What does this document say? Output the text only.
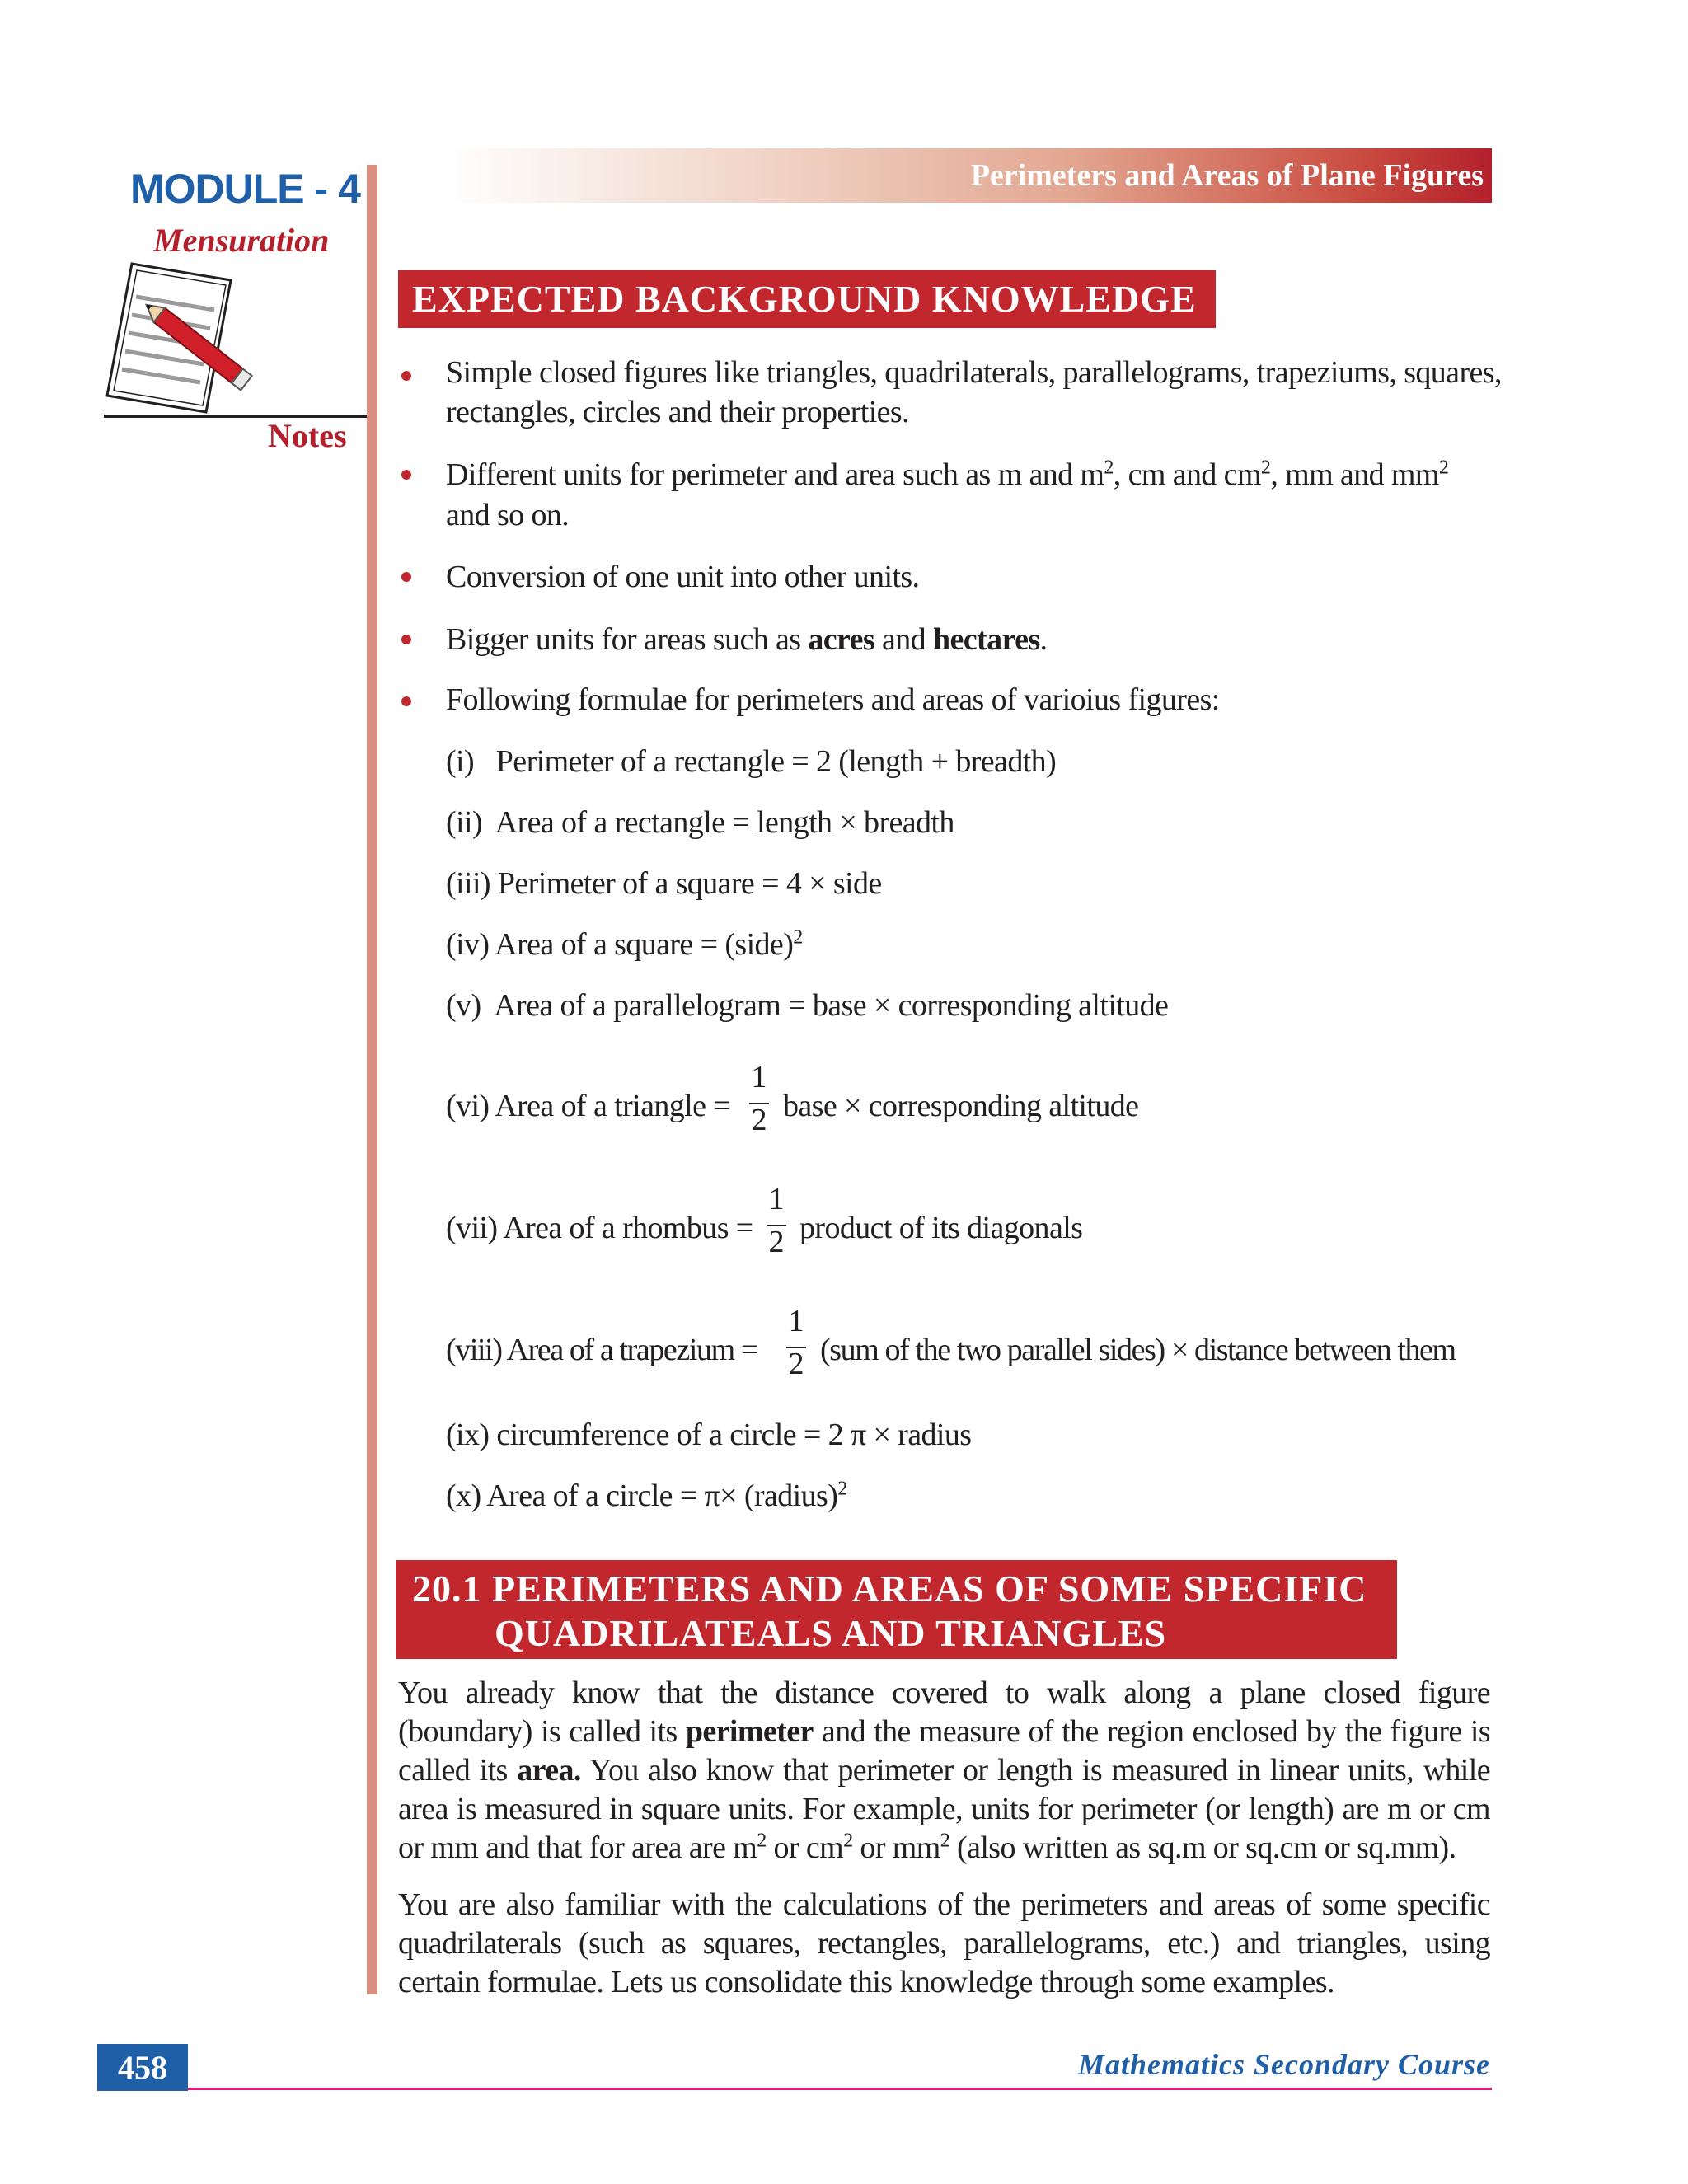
Perimeters and Areas of Plane Figures
MODULE - 4
Mensuration
Notes
EXPECTED BACKGROUND KNOWLEDGE
Simple closed figures like triangles, quadrilaterals, parallelograms, trapeziums, squares,
rectangles, circles and their properties.
Different units for perimeter and area such as m and $m^2$, cm and $cm^2$, mm and $mm^2$
and so on.
Conversion of one unit into other units.
Bigger units for areas such as acres and hectares.
Following formulae for perimeters and areas of varioius figures:
(i)   Perimeter of a rectangle = 2 (length + breadth)
(ii)  Area of a rectangle = length × breadth
(iii) Perimeter of a square = 4 × side
(iv) Area of a square = (side)$^2$
(v)  Area of a parallelogram = base × corresponding altitude
(vi) Area of a triangle =
1
2 base × corresponding altitude
(vii) Area of a rhombus =
1
2 product of its diagonals
(viii) Area of a trapezium =
1
2 (sum of the two parallel sides) × distance between them
(ix) circumference of a circle = 2 π × radius
(x) Area of a circle = π× (radius)$^2$
20.1 PERIMETERS AND AREAS OF SOME SPECIFIC
QUADRILATEALS AND TRIANGLES
You already know that the distance covered to walk along a plane closed figure (boundary) is called its perimeter and the measure of the region enclosed by the figure is called its area. You also know that perimeter or length is measured in linear units, while area is measured in square units. For example, units for perimeter (or length) are m or cm or mm and that for area are $m^2$ or $cm^2$ or $mm^2$ (also written as sq.m or sq.cm or sq.mm).
You are also familiar with the calculations of the perimeters and areas of some specific quadrilaterals (such as squares, rectangles, parallelograms, etc.) and triangles, using certain formulae. Lets us consolidate this knowledge through some examples.
458	Mathematics Secondary Course
